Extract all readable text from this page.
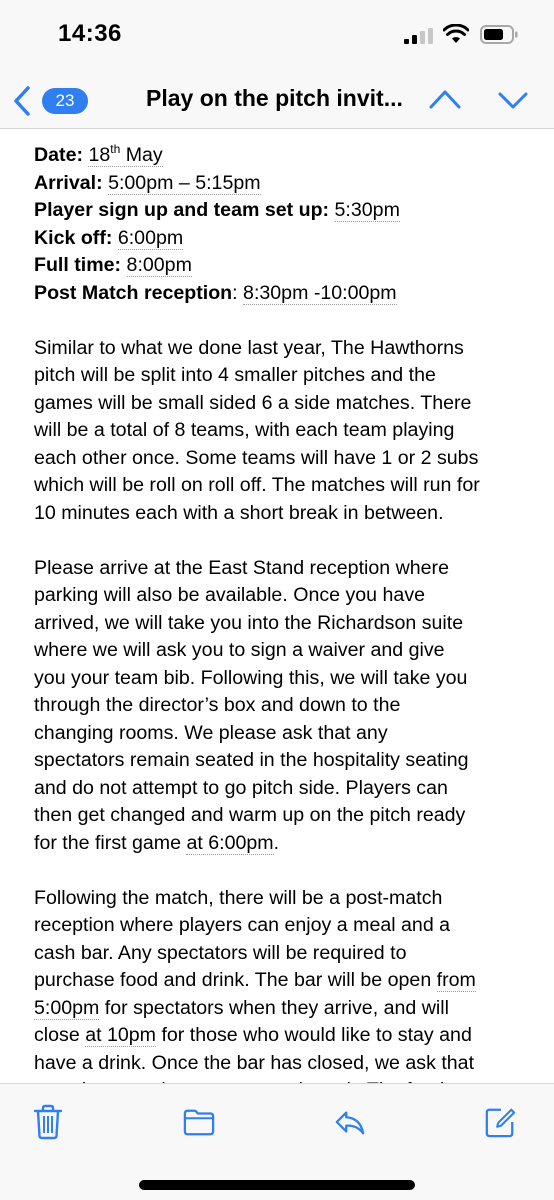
14:36
23	Play on the pitch invit...
Date: 18th May
Arrival: 5:00pm – 5:15pm
Player sign up and team set up: 5:30pm
Kick off: 6:00pm
Full time: 8:00pm
Post Match reception: 8:30pm -10:00pm
Similar to what we done last year, The Hawthorns
pitch will be split into 4 smaller pitches and the
games will be small sided 6 a side matches. There
will be a total of 8 teams, with each team playing
each other once. Some teams will have 1 or 2 subs
which will be roll on roll off. The matches will run for
10 minutes each with a short break in between.
Please arrive at the East Stand reception where
parking will also be available. Once you have
arrived, we will take you into the Richardson suite
where we will ask you to sign a waiver and give
you your team bib. Following this, we will take you
through the director’s box and down to the
changing rooms. We please ask that any
spectators remain seated in the hospitality seating
and do not attempt to go pitch side. Players can
then get changed and warm up on the pitch ready
for the first game at 6:00pm.
Following the match, there will be a post-match
reception where players can enjoy a meal and a
cash bar. Any spectators will be required to
purchase food and drink. The bar will be open from
5:00pm for spectators when they arrive, and will
close at 10pm for those who would like to stay and
have a drink. Once the bar has closed, we ask that
